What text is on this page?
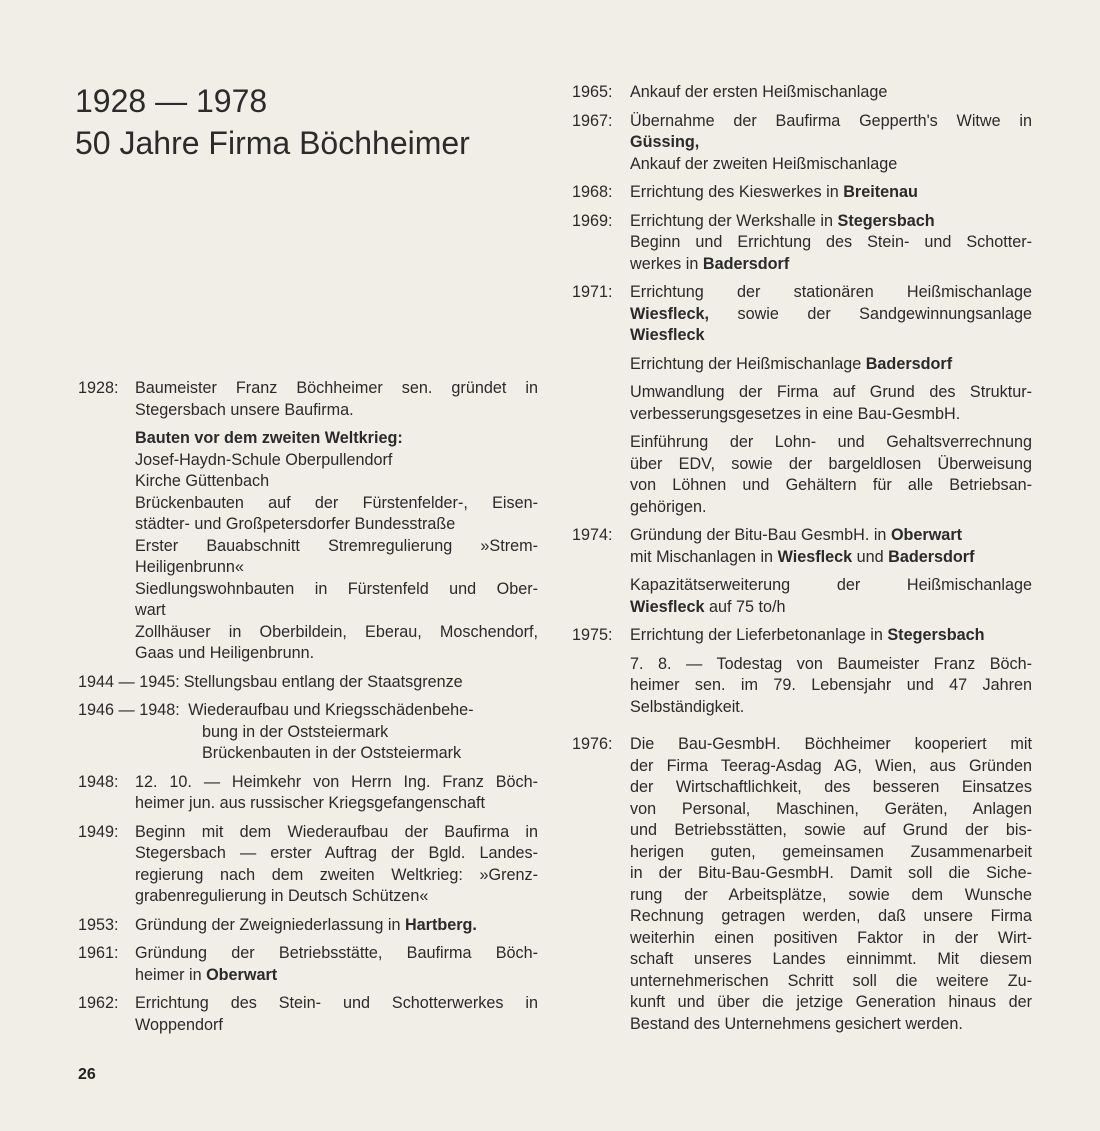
1928 — 1978
50 Jahre Firma Böchheimer
1928:	Baumeister Franz Böchheimer sen. gründet in
Stegersbach unsere Baufirma.
Bauten vor dem zweiten Weltkrieg:
Josef-Haydn-Schule Oberpullendorf
Kirche Güttenbach
Brückenbauten auf der Fürstenfelder-, Eisen-
städter- und Großpetersdorfer Bundesstraße
Erster Bauabschnitt Stremregulierung »Strem-
Heiligenbrunn«
Siedlungswohnbauten in Fürstenfeld und Ober-
wart
Zollhäuser in Oberbildein, Eberau, Moschendorf,
Gaas und Heiligenbrunn.
1944 — 1945: Stellungsbau entlang der Staatsgrenze
1946 — 1948: Wiederaufbau und Kriegsschädenbehe-
bung in der Oststeiermark
Brückenbauten in der Oststeiermark
1948:	12. 10. — Heimkehr von Herrn Ing. Franz Böch-
heimer jun. aus russischer Kriegsgefangenschaft
1949:	Beginn mit dem Wiederaufbau der Baufirma in
Stegersbach — erster Auftrag der Bgld. Landes-
regierung nach dem zweiten Weltkrieg: »Grenz-
grabenregulierung in Deutsch Schützen«
1953:	Gründung der Zweigniederlassung in Hartberg.
1961:	Gründung der Betriebsstätte, Baufirma Böch-
heimer in Oberwart
1962:	Errichtung des Stein- und Schotterwerkes in
Woppendorf
1965:	Ankauf der ersten Heißmischanlage
1967:	Übernahme der Baufirma Gepperth's Witwe in
Güssing,
Ankauf der zweiten Heißmischanlage
1968:	Errichtung des Kieswerkes in Breitenau
1969:	Errichtung der Werkshalle in Stegersbach
Beginn und Errichtung des Stein- und Schotter-
werkes in Badersdorf
1971:	Errichtung der stationären Heißmischanlage
Wiesfleck, sowie der Sandgewinnungsanlage
Wiesfleck
Errichtung der Heißmischanlage Badersdorf
Umwandlung der Firma auf Grund des Struktur-
verbesserungsgesetzes in eine Bau-GesmbH.
Einführung der Lohn- und Gehaltsverrechnung
über EDV, sowie der bargeldlosen Überweisung
von Löhnen und Gehältern für alle Betriebsan-
gehörigen.
1974:	Gründung der Bitu-Bau GesmbH. in Oberwart
mit Mischanlagen in Wiesfleck und Badersdorf
Kapazitätserweiterung der Heißmischanlage
Wiesfleck auf 75 to/h
1975:	Errichtung der Lieferbetonanlage in Stegersbach
7. 8. — Todestag von Baumeister Franz Böch-
heimer sen. im 79. Lebensjahr und 47 Jahren
Selbständigkeit.
1976:	Die Bau-GesmbH. Böchheimer kooperiert mit
der Firma Teerag-Asdag AG, Wien, aus Gründen
der Wirtschaftlichkeit, des besseren Einsatzes
von Personal, Maschinen, Geräten, Anlagen
und Betriebsstätten, sowie auf Grund der bis-
herigen guten, gemeinsamen Zusammenarbeit
in der Bitu-Bau-GesmbH. Damit soll die Siche-
rung der Arbeitsplätze, sowie dem Wunsche
Rechnung getragen werden, daß unsere Firma
weiterhin einen positiven Faktor in der Wirt-
schaft unseres Landes einnimmt. Mit diesem
unternehmerischen Schritt soll die weitere Zu-
kunft und über die jetzige Generation hinaus der
Bestand des Unternehmens gesichert werden.
26
